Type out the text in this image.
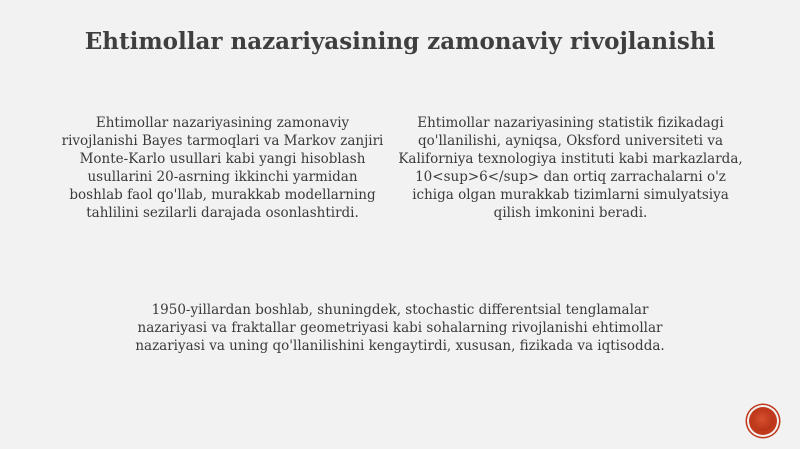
Ehtimollar nazariyasining zamonaviy rivojlanishi
Ehtimollar nazariyasining zamonaviy rivojlanishi Bayes tarmoqlari va Markov zanjiri Monte-Karlo usullari kabi yangi hisoblash usullarini 20-asrning ikkinchi yarmidan boshlab faol qo'llab, murakkab modellarning tahlilini sezilarli darajada osonlashtirdi.
Ehtimollar nazariyasining statistik fizikadagi qo'llanilishi, ayniqsa, Oksford universiteti va Kaliforniya texnologiya instituti kabi markazlarda, 10<sup>6</sup> dan ortiq zarrachalarni o'z ichiga olgan murakkab tizimlarni simulyatsiya qilish imkonini beradi.
1950-yillardan boshlab, shuningdek, stochastic differentsial tenglamalar nazariyasi va fraktallar geometriyasi kabi sohalarning rivojlanishi ehtimollar nazariyasi va uning qo'llanilishini kengaytirdi, xususan, fizikada va iqtisodda.
